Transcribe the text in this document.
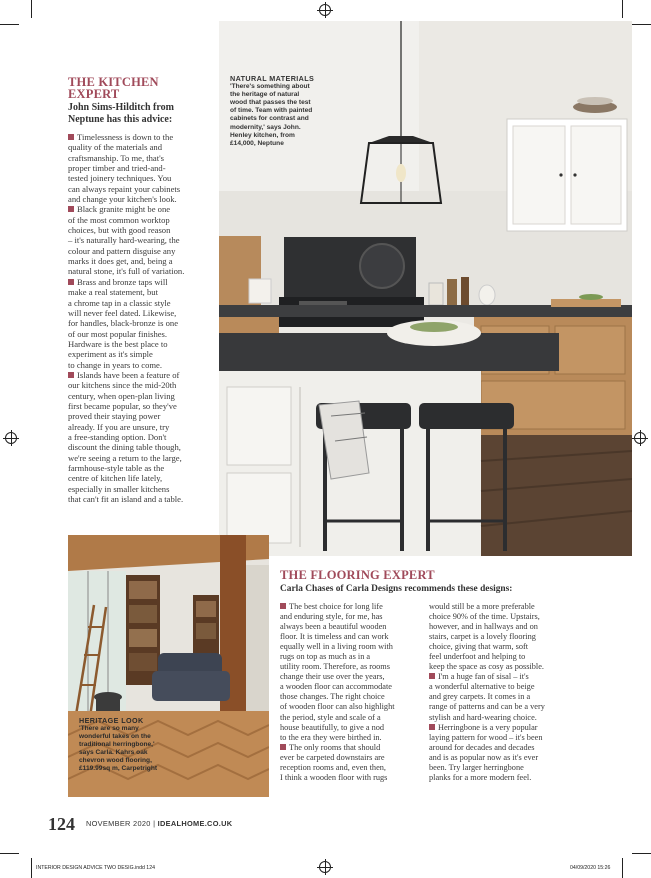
THE KITCHEN
EXPERT
John Sims-Hilditch from
Neptune has this advice:
Timelessness is down to the
quality of the materials and
craftsmanship. To me, that's
proper timber and tried-and-
tested joinery techniques. You
can always repaint your cabinets
and change your kitchen's look.
Black granite might be one
of the most common worktop
choices, but with good reason
– it's naturally hard-wearing, the
colour and pattern disguise any
marks it does get, and, being a
natural stone, it's full of variation.
Brass and bronze taps will
make a real statement, but
a chrome tap in a classic style
will never feel dated. Likewise,
for handles, black-bronze is one
of our most popular finishes.
Hardware is the best place to
experiment as it's simple
to change in years to come.
Islands have been a feature of
our kitchens since the mid-20th
century, when open-plan living
first became popular, so they've
proved their staying power
already. If you are unsure, try
a free-standing option. Don't
discount the dining table though,
we're seeing a return to the large,
farmhouse-style table as the
centre of kitchen life lately,
especially in smaller kitchens
that can't fit an island and a table.
NATURAL MATERIALS
'There's something about
the heritage of natural
wood that passes the test
of time. Team with painted
cabinets for contrast and
modernity,' says John.
Henley kitchen, from
£14,000, Neptune
HERITAGE LOOK
'There are so many
wonderful takes on the
traditional herringbone,'
says Carla. Kahrs oak
chevron wood flooring,
£119.99sq m, Carpetright
THE FLOORING EXPERT
Carla Chases of Carla Designs recommends these designs:
The best choice for long life
and enduring style, for me, has
always been a beautiful wooden
floor. It is timeless and can work
equally well in a living room with
rugs on top as much as in a
utility room. Therefore, as rooms
change their use over the years,
a wooden floor can accommodate
those changes. The right choice
of wooden floor can also highlight
the period, style and scale of a
house beautifully, to give a nod
to the era they were birthed in.
The only rooms that should
ever be carpeted downstairs are
reception rooms and, even then,
I think a wooden floor with rugs
would still be a more preferable
choice 90% of the time. Upstairs,
however, and in hallways and on
stairs, carpet is a lovely flooring
choice, giving that warm, soft
feel underfoot and helping to
keep the space as cosy as possible.
I'm a huge fan of sisal – it's
a wonderful alternative to beige
and grey carpets. It comes in a
range of patterns and can be a very
stylish and hard-wearing choice.
Herringbone is a very popular
laying pattern for wood – it's been
around for decades and decades
and is as popular now as it's ever
been. Try larger herringbone
planks for a more modern feel.
124 NOVEMBER 2020 | IDEALHOME.CO.UK
INTERIOR DESIGN ADVICE TWO DESIG.indd 124	04/09/2020 15:26
